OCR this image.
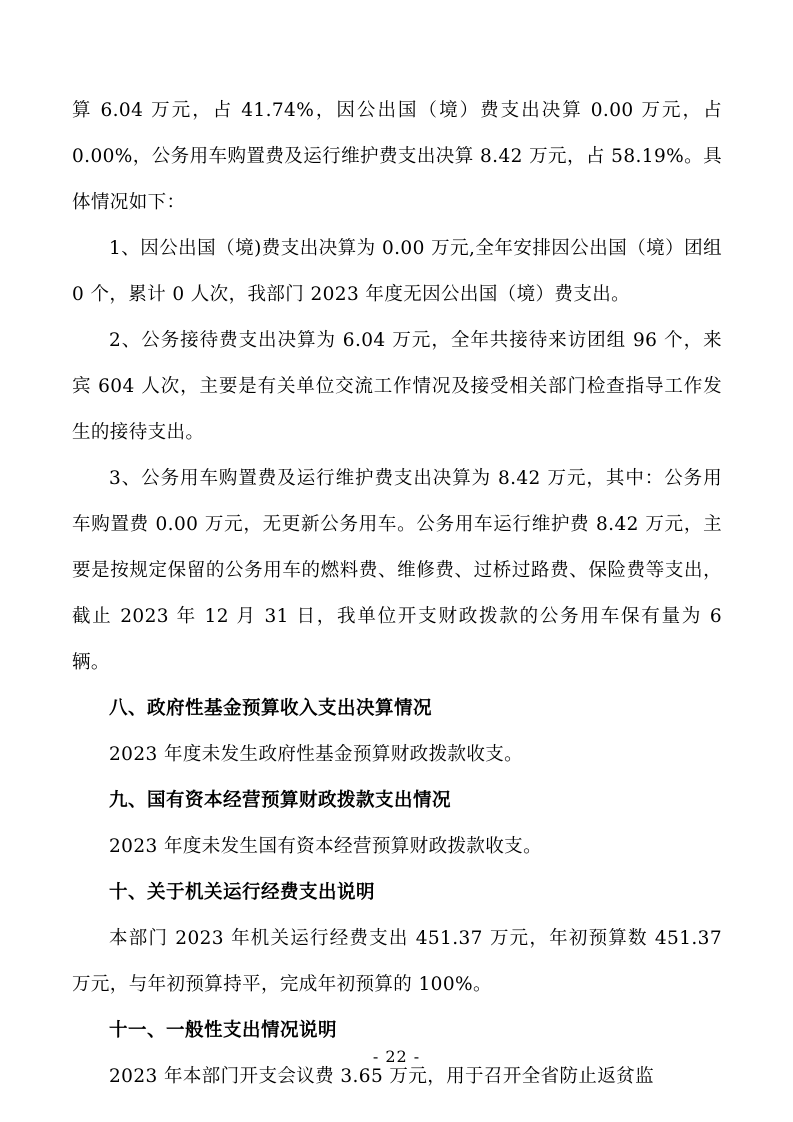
算 6.04 万元，占 41.74%，因公出国（境）费支出决算 0.00 万元，占 0.00%，公务用车购置费及运行维护费支出决算 8.42 万元，占 58.19%。具体情况如下：

1、因公出国（境)费支出决算为 0.00 万元,全年安排因公出国（境）团组 0 个，累计 0 人次，我部门 2023 年度无因公出国（境）费支出。

2、公务接待费支出决算为 6.04 万元，全年共接待来访团组 96 个，来宾 604 人次，主要是有关单位交流工作情况及接受相关部门检查指导工作发生的接待支出。

3、公务用车购置费及运行维护费支出决算为 8.42 万元，其中：公务用车购置费 0.00 万元，无更新公务用车。公务用车运行维护费 8.42 万元，主要是按规定保留的公务用车的燃料费、维修费、过桥过路费、保险费等支出，截止 2023 年 12 月 31 日，我单位开支财政拨款的公务用车保有量为 6 辆。

八、政府性基金预算收入支出决算情况

2023 年度未发生政府性基金预算财政拨款收支。

九、国有资本经营预算财政拨款支出情况

2023 年度未发生国有资本经营预算财政拨款收支。

十、关于机关运行经费支出说明

本部门 2023 年机关运行经费支出 451.37 万元，年初预算数 451.37 万元，与年初预算持平，完成年初预算的 100%。

十一、一般性支出情况说明

2023 年本部门开支会议费 3.65 万元，用于召开全省防止返贫监

- 22 -
